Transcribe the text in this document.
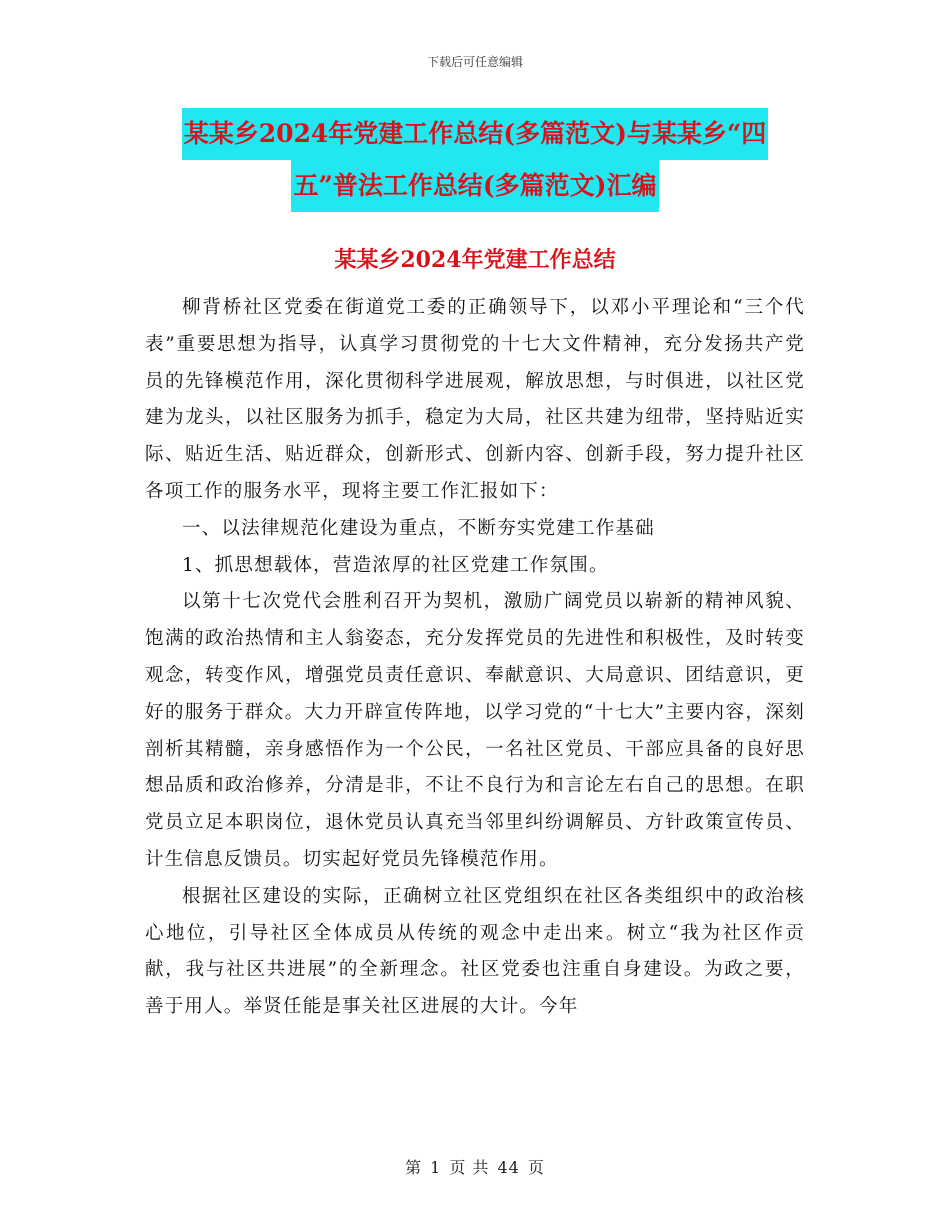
下载后可任意编辑
某某乡2024年党建工作总结(多篇范文)与某某乡“四
五”普法工作总结(多篇范文)汇编
某某乡2024年党建工作总结

柳背桥社区党委在街道党工委的正确领导下，以邓小平理论和“三个代表”重要思想为指导，认真学习贯彻党的十七大文件精神，充分发扬共产党员的先锋模范作用，深化贯彻科学进展观，解放思想，与时俱进，以社区党建为龙头，以社区服务为抓手，稳定为大局，社区共建为纽带，坚持贴近实际、贴近生活、贴近群众，创新形式、创新内容、创新手段，努力提升社区各项工作的服务水平，现将主要工作汇报如下：

一、以法律规范化建设为重点，不断夯实党建工作基础

1、抓思想载体，营造浓厚的社区党建工作氛围。

以第十七次党代会胜利召开为契机，激励广阔党员以崭新的精神风貌、饱满的政治热情和主人翁姿态，充分发挥党员的先进性和积极性，及时转变观念，转变作风，增强党员责任意识、奉献意识、大局意识、团结意识，更好的服务于群众。大力开辟宣传阵地，以学习党的“十七大”主要内容，深刻剖析其精髓，亲身感悟作为一个公民，一名社区党员、干部应具备的良好思想品质和政治修养，分清是非，不让不良行为和言论左右自己的思想。在职党员立足本职岗位，退休党员认真充当邻里纠纷调解员、方针政策宣传员、计生信息反馈员。切实起好党员先锋模范作用。

根据社区建设的实际，正确树立社区党组织在社区各类组织中的政治核心地位，引导社区全体成员从传统的观念中走出来。树立“我为社区作贡献，我与社区共进展”的全新理念。社区党委也注重自身建设。为政之要，善于用人。举贤任能是事关社区进展的大计。今年

第 1 页 共 44 页
